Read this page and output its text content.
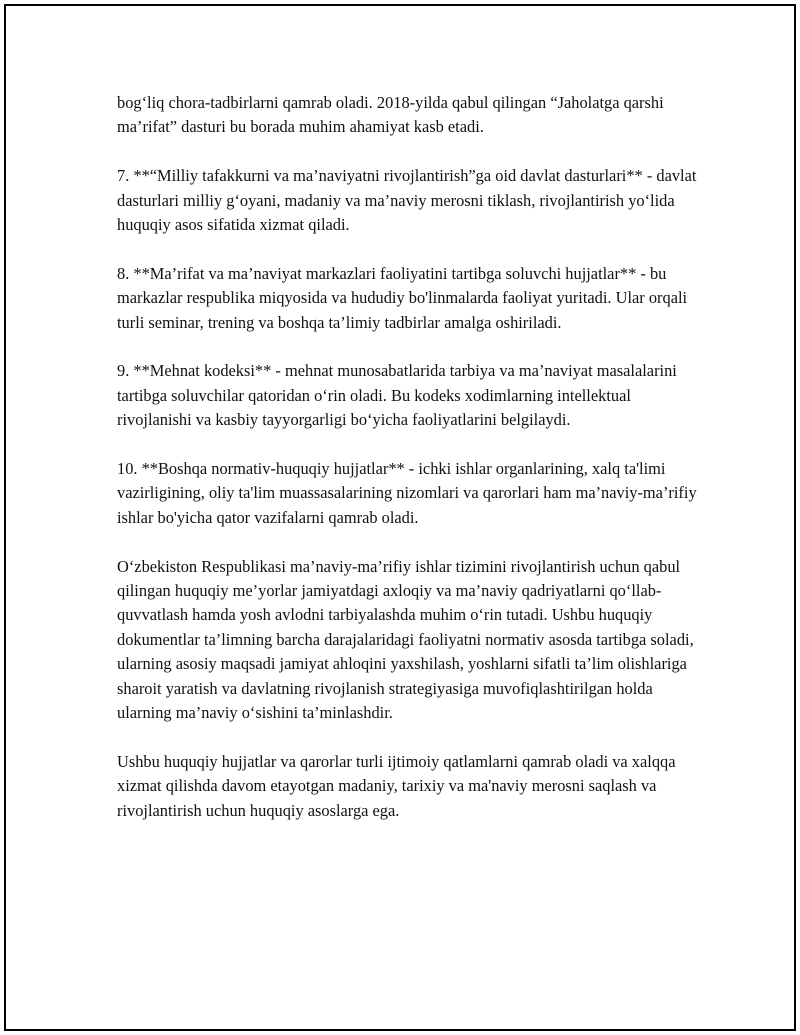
bog‘liq chora-tadbirlarni qamrab oladi. 2018-yilda qabul qilingan “Jaholatga qarshi ma’rifat” dasturi bu borada muhim ahamiyat kasb etadi.

7. **“Milliy tafakkurni va ma’naviyatni rivojlantirish”ga oid davlat dasturlari** - davlat dasturlari milliy g‘oyani, madaniy va ma’naviy merosni tiklash, rivojlantirish yo‘lida huquqiy asos sifatida xizmat qiladi.

8. **Ma’rifat va ma’naviyat markazlari faoliyatini tartibga soluvchi hujjatlar** - bu markazlar respublika miqyosida va hududiy bo'linmalarda faoliyat yuritadi. Ular orqali turli seminar, trening va boshqa ta’limiy tadbirlar amalga oshiriladi.

9. **Mehnat kodeksi** - mehnat munosabatlarida tarbiya va ma’naviyat masalalarini tartibga soluvchilar qatoridan o‘rin oladi. Bu kodeks xodimlarning intellektual rivojlanishi va kasbiy tayyorgarligi bo‘yicha faoliyatlarini belgilaydi.

10. **Boshqa normativ-huquqiy hujjatlar** - ichki ishlar organlarining, xalq ta'limi vazirligining, oliy ta'lim muassasalarining nizomlari va qarorlari ham ma’naviy-ma’rifiy ishlar bo'yicha qator vazifalarni qamrab oladi.

O‘zbekiston Respublikasi ma’naviy-ma’rifiy ishlar tizimini rivojlantirish uchun qabul qilingan huquqiy me’yorlar jamiyatdagi axloqiy va ma’naviy qadriyatlarni qo‘llab-quvvatlash hamda yosh avlodni tarbiyalashda muhim o‘rin tutadi. Ushbu huquqiy dokumentlar ta’limning barcha darajalaridagi faoliyatni normativ asosda tartibga soladi, ularning asosiy maqsadi jamiyat ahloqini yaxshilash, yoshlarni sifatli ta’lim olishlariga sharoit yaratish va davlatning rivojlanish strategiyasiga muvofiqlashtirilgan holda ularning ma’naviy o‘sishini ta’minlashdir.

Ushbu huquqiy hujjatlar va qarorlar turli ijtimoiy qatlamlarni qamrab oladi va xalqqa xizmat qilishda davom etayotgan madaniy, tarixiy va ma'naviy merosni saqlash va rivojlantirish uchun huquqiy asoslarga ega.
